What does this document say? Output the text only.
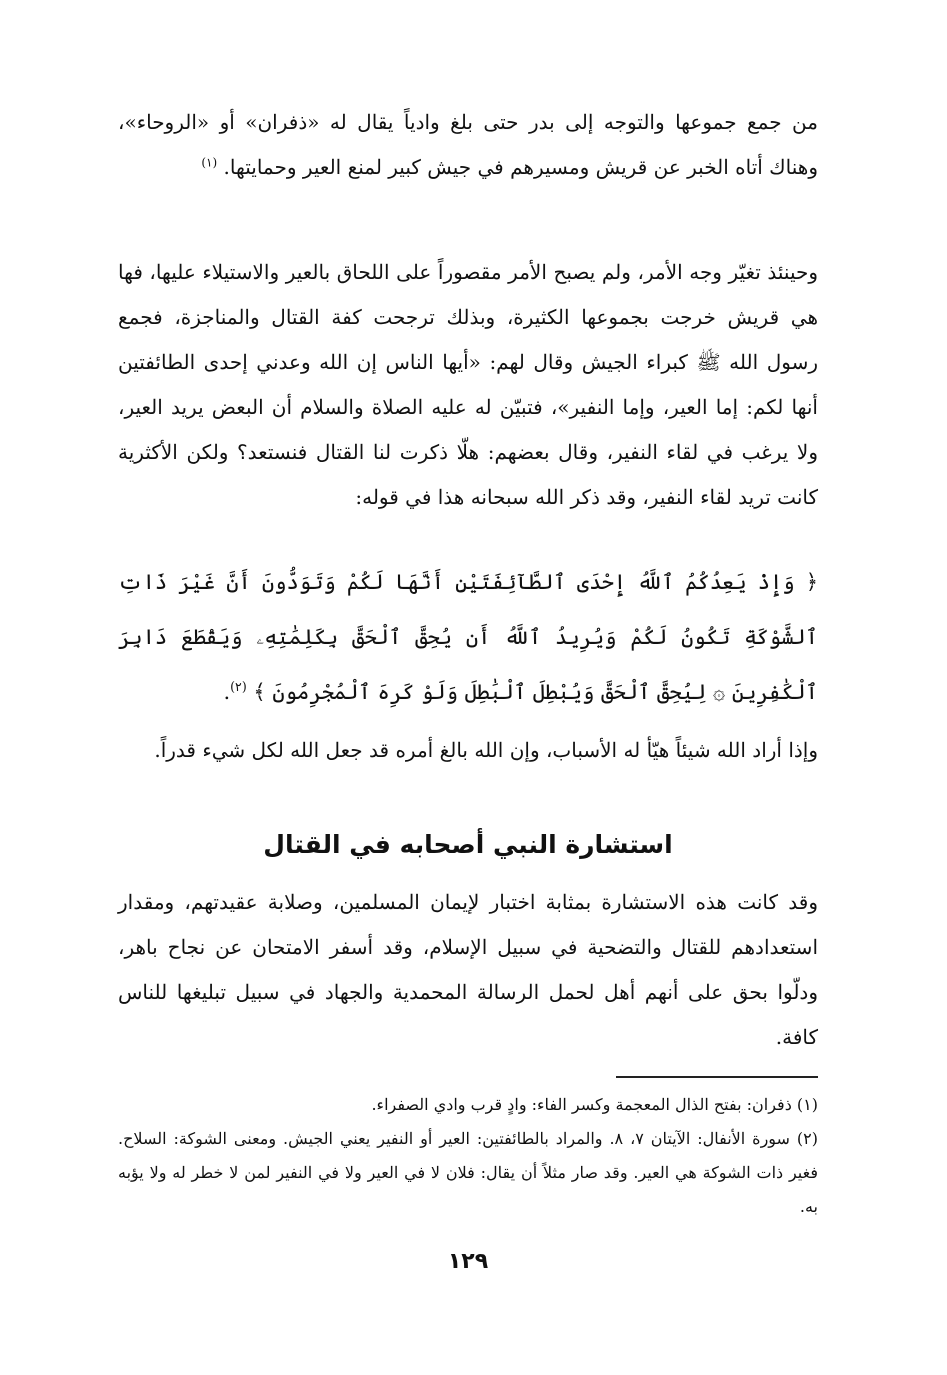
من جمع جموعها والتوجه إلى بدر حتى بلغ وادياً يقال له «ذفران» أو «الروحاء»، وهناك أتاه الخبر عن قريش ومسيرهم في جيش كبير لمنع العير وحمايتها. $^{(١)}$

وحينئذ تغيّر وجه الأمر، ولم يصبح الأمر مقصوراً على اللحاق بالعير والاستيلاء عليها، فها هي قريش خرجت بجموعها الكثيرة، وبذلك ترجحت كفة القتال والمناجزة، فجمع رسول الله ﷺ كبراء الجيش وقال لهم: «أيها الناس إن الله وعدني إحدى الطائفتين أنها لكم: إما العير، وإما النفير»، فتبيّن له عليه الصلاة والسلام أن البعض يريد العير، ولا يرغب في لقاء النفير، وقال بعضهم: هلّا ذكرت لنا القتال فنستعد؟ ولكن الأكثرية كانت تريد لقاء النفير، وقد ذكر الله سبحانه هذا في قوله:

﴿ وَإِذْ يَعِدُكُمُ ٱللَّهُ إِحْدَى ٱلطَّآئِفَتَيْنِ أَنَّهَا لَكُمْ وَتَوَدُّونَ أَنَّ غَيْرَ ذَاتِ ٱلشَّوْكَةِ تَكُونُ لَكُمْ وَيُرِيدُ ٱللَّهُ أَن يُحِقَّ ٱلْحَقَّ بِكَلِمَٰتِهِۦ وَيَقْطَعَ دَابِرَ ٱلْكَٰفِرِينَ ۞ لِيُحِقَّ ٱلْحَقَّ وَيُبْطِلَ ٱلْبَٰطِلَ وَلَوْ كَرِهَ ٱلْمُجْرِمُونَ ﴾ $^{(٢)}$.

وإذا أراد الله شيئاً هيّأ له الأسباب، وإن الله بالغ أمره قد جعل الله لكل شيء قدراً.

استشارة النبي أصحابه في القتال

وقد كانت هذه الاستشارة بمثابة اختبار لإيمان المسلمين، وصلابة عقيدتهم، ومقدار استعدادهم للقتال والتضحية في سبيل الإسلام، وقد أسفر الامتحان عن نجاح باهر، ودلّوا بحق على أنهم أهل لحمل الرسالة المحمدية والجهاد في سبيل تبليغها للناس كافة.

(١) ذفران: بفتح الذال المعجمة وكسر الفاء: وادٍ قرب وادي الصفراء.

(٢) سورة الأنفال: الآيتان ٧، ٨. والمراد بالطائفتين: العير أو النفير يعني الجيش. ومعنى الشوكة: السلاح. فغير ذات الشوكة هي العير. وقد صار مثلاً أن يقال: فلان لا في العير ولا في النفير لمن لا خطر له ولا يؤبه به.

١٢٩
